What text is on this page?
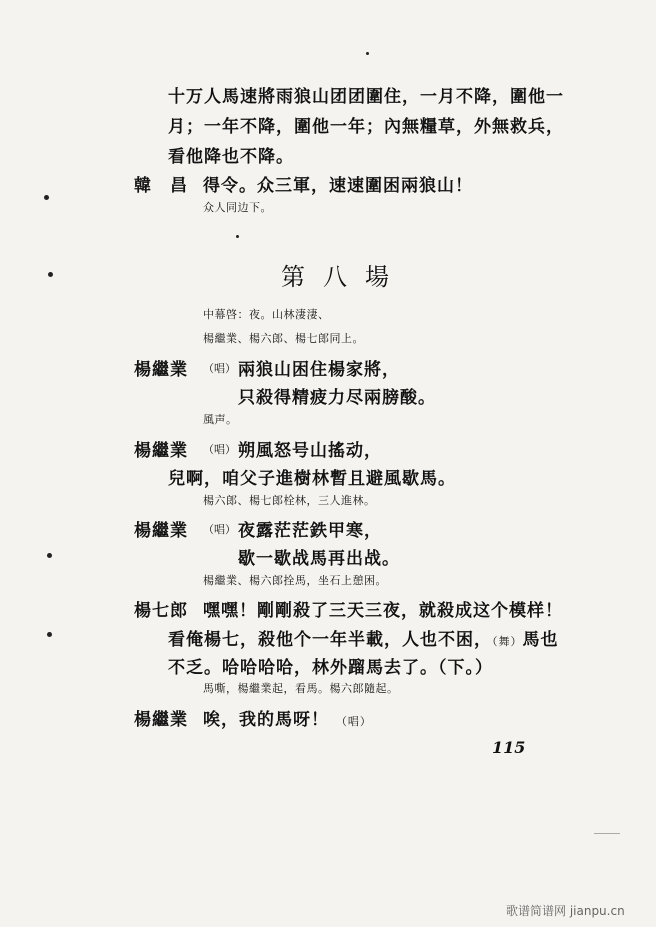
十万人馬速將雨狼山团团圍住，一月不降，圍他一
月；一年不降，圍他一年；內無糧草，外無救兵，
看他降也不降。
韓　昌 得令。众三軍，速速圍困兩狼山！
众人同边下。
第八場
中幕啓：夜。山林淒淒、
楊繼業、楊六郎、楊七郎同上。
楊繼業 （唱） 兩狼山困住楊家將，
只殺得精疲力尽兩膀酸。
風声。
楊繼業 （唱） 朔風怒号山搖动，
兒啊，咱父子進樹林暫且避風歇馬。
楊六郎、楊七郎栓林，三人進林。
楊繼業 （唱） 夜露茫茫鉄甲寒，
歇一歇战馬再出战。
楊繼業、楊六郎拴馬，坐石上憩困。
楊七郎 嘿嘿！剛剛殺了三天三夜，就殺成这个模样！
看俺楊七，殺他个一年半載，人也不困，（舞）馬也
不乏。哈哈哈哈，林外蹓馬去了。（下。）
馬嘶，楊繼業起，看馬。楊六郎隨起。
楊繼業 唉，我的馬呀！ （唱）
115
歌谱简谱网 jianpu.cn
